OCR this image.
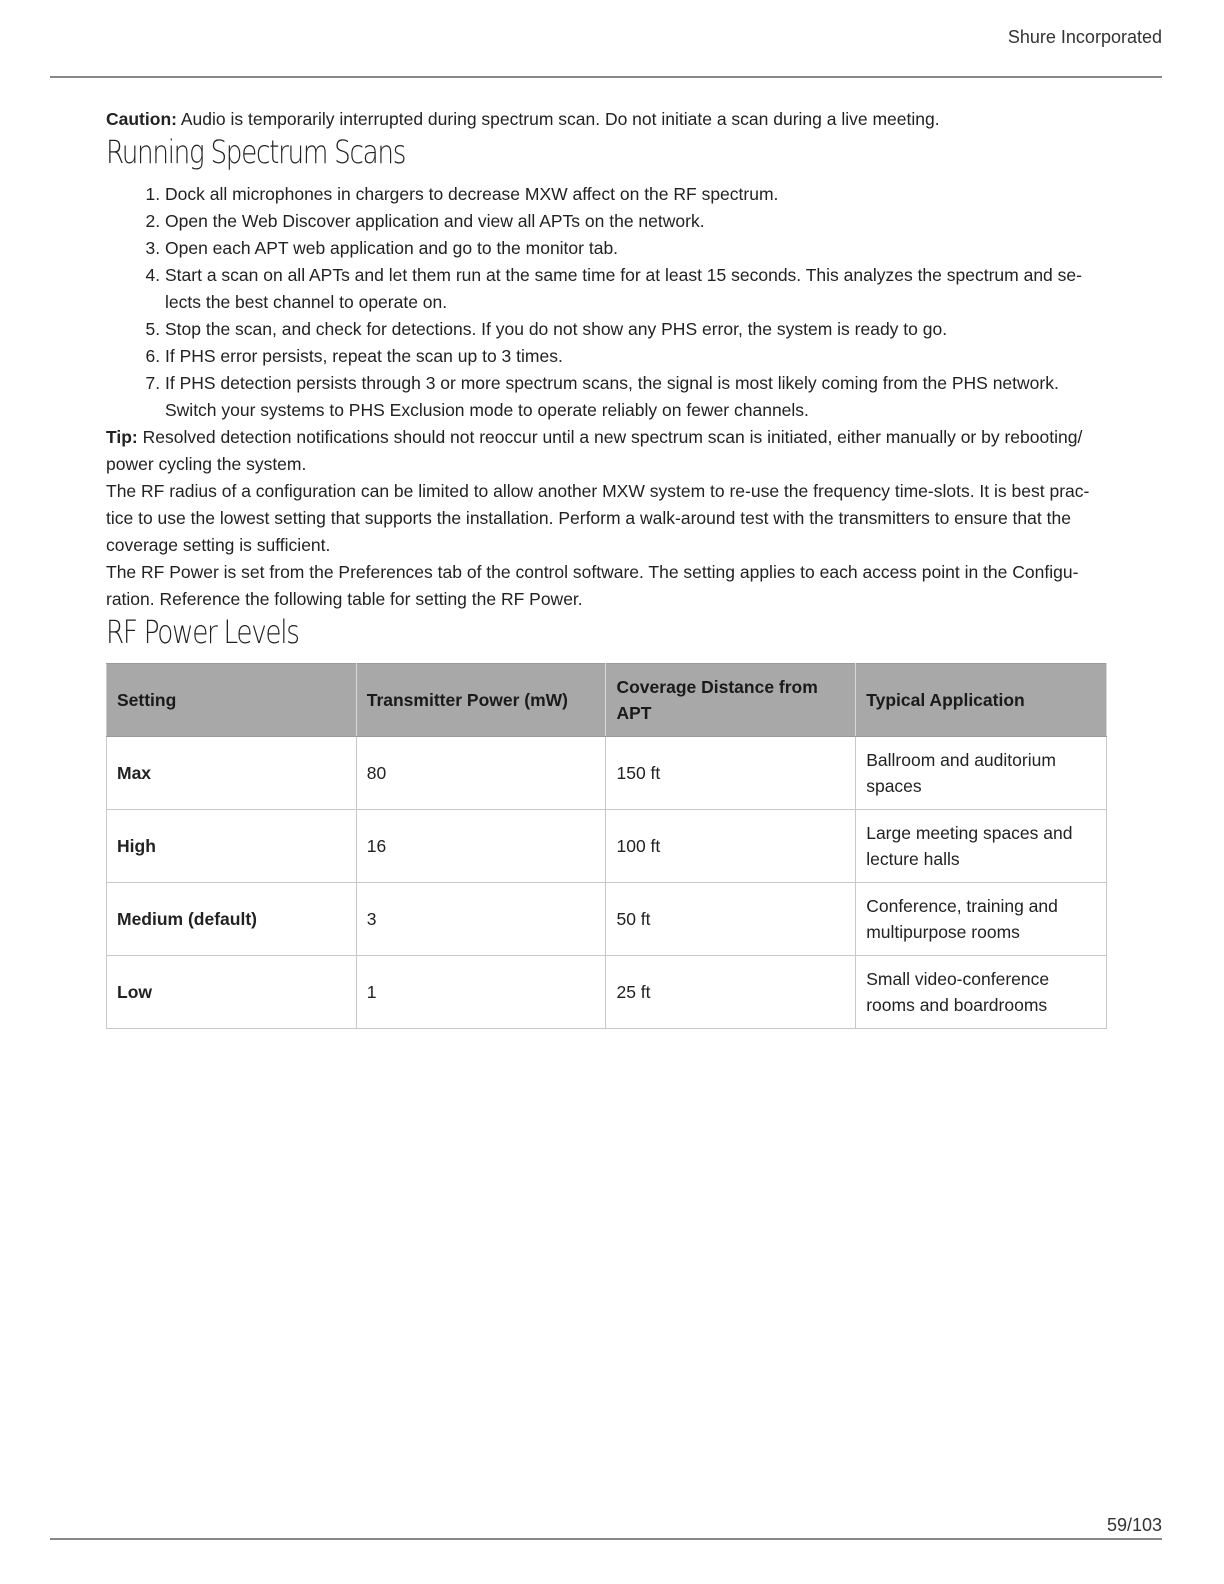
Shure Incorporated

Caution: Audio is temporarily interrupted during spectrum scan. Do not initiate a scan during a live meeting.

Running Spectrum Scans
1. Dock all microphones in chargers to decrease MXW affect on the RF spectrum.
2. Open the Web Discover application and view all APTs on the network.
3. Open each APT web application and go to the monitor tab.
4. Start a scan on all APTs and let them run at the same time for at least 15 seconds. This analyzes the spectrum and selects the best channel to operate on.
5. Stop the scan, and check for detections. If you do not show any PHS error, the system is ready to go.
6. If PHS error persists, repeat the scan up to 3 times.
7. If PHS detection persists through 3 or more spectrum scans, the signal is most likely coming from the PHS network. Switch your systems to PHS Exclusion mode to operate reliably on fewer channels.

Tip: Resolved detection notifications should not reoccur until a new spectrum scan is initiated, either manually or by rebooting/ power cycling the system.

The RF radius of a configuration can be limited to allow another MXW system to re-use the frequency time-slots. It is best practice to use the lowest setting that supports the installation. Perform a walk-around test with the transmitters to ensure that the coverage setting is sufficient.

The RF Power is set from the Preferences tab of the control software. The setting applies to each access point in the Configuration. Reference the following table for setting the RF Power.

RF Power Levels
Setting	Transmitter Power (mW)	Coverage Distance from APT	Typical Application
Max	80	150 ft	Ballroom and auditorium spaces
High	16	100 ft	Large meeting spaces and lecture halls
Medium (default)	3	50 ft	Conference, training and multipurpose rooms
Low	1	25 ft	Small video-conference rooms and boardrooms
59/103
